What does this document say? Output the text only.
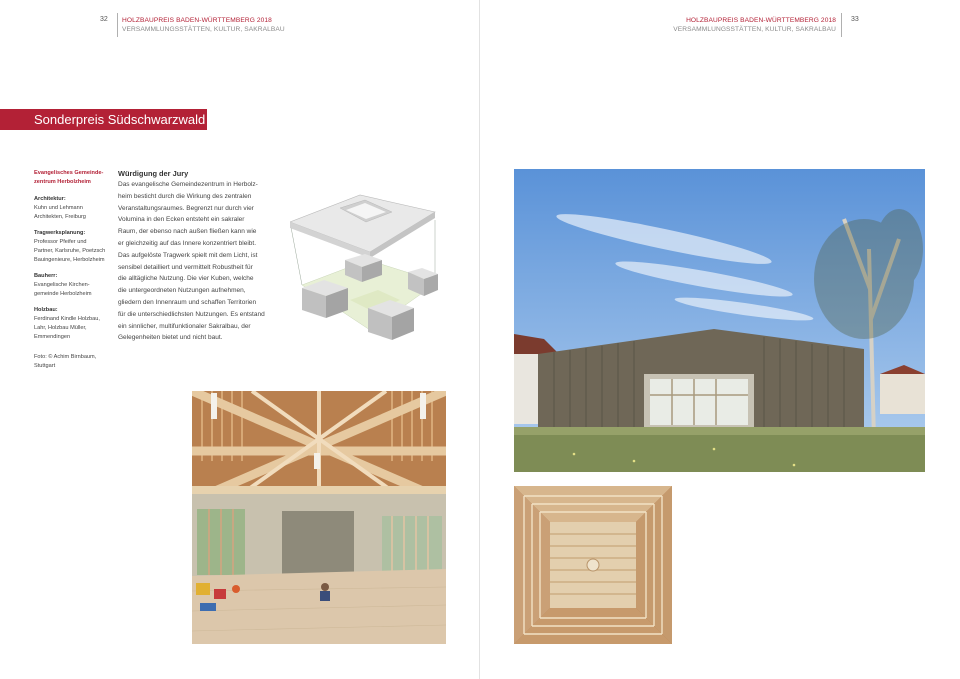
32 HOLZBAUPREIS BADEN-WÜRTTEMBERG 2018
VERSAMMLUNGSSTÄTTEN, KULTUR, SAKRALBAU
HOLZBAUPREIS BADEN-WÜRTTEMBERG 2018
VERSAMMLUNGSSTÄTTEN, KULTUR, SAKRALBAU
33
Sonderpreis Südschwarzwald
Evangelisches Gemeinde-
zentrum Herbolzheim
Architektur:
Kuhn und Lehmann
Architekten, Freiburg
Tragwerksplanung:
Professor Pfeifer und
Partner, Karlsruhe, Poetzsch
Bauingenieure, Herbolzheim
Bauherr:
Evangelische Kirchen-
gemeinde Herbolzheim
Holzbau:
Ferdinand Kindle Holzbau,
Lahr, Holzbau Müller,
Emmendingen
Foto: © Achim Birnbaum,
Stuttgart
Würdigung der Jury
Das evangelische Gemeindezentrum in Herbolz-
heim besticht durch die Wirkung des zentralen
Veranstaltungsraumes. Begrenzt nur durch vier
Volumina in den Ecken entsteht ein sakraler
Raum, der ebenso nach außen fließen kann wie
er gleichzeitig auf das Innere konzentriert bleibt.
Das aufgelöste Tragwerk spielt mit dem Licht, ist
sensibel detailliert und vermittelt Robustheit für
die alltägliche Nutzung. Die vier Kuben, welche
die untergeordneten Nutzungen aufnehmen,
gliedern den Innenraum und schaffen Territorien
für die unterschiedlichsten Nutzungen. Es entstand
ein sinnlicher, multifunktionaler Sakralbau, der
Gelegenheiten bietet und nicht baut.
